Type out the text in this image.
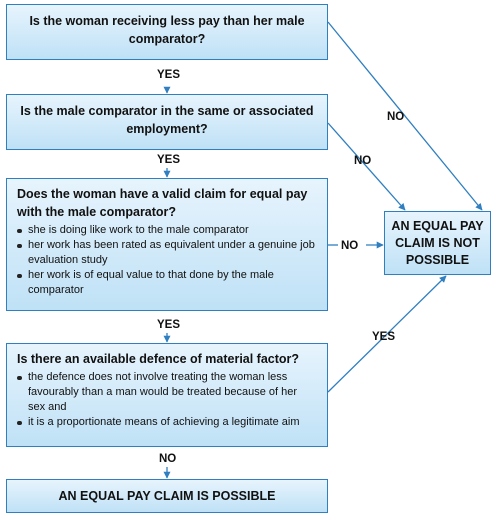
Is the woman receiving less pay than her male comparator?
Is the male comparator in the same or associated employment?
Does the woman have a valid claim for equal pay with the male comparator?
she is doing like work to the male comparator
her work has been rated as equivalent under a genuine job evaluation study
her work is of equal value to that done by the male comparator
Is there an available defence of material factor?
the defence does not involve treating the woman less favourably than a man would be treated because of her sex and
it is a proportionate means of achieving a legitimate aim
AN EQUAL PAY CLAIM IS POSSIBLE
AN EQUAL PAY CLAIM IS NOT POSSIBLE
YES
YES
YES
NO
NO
NO
NO
YES
